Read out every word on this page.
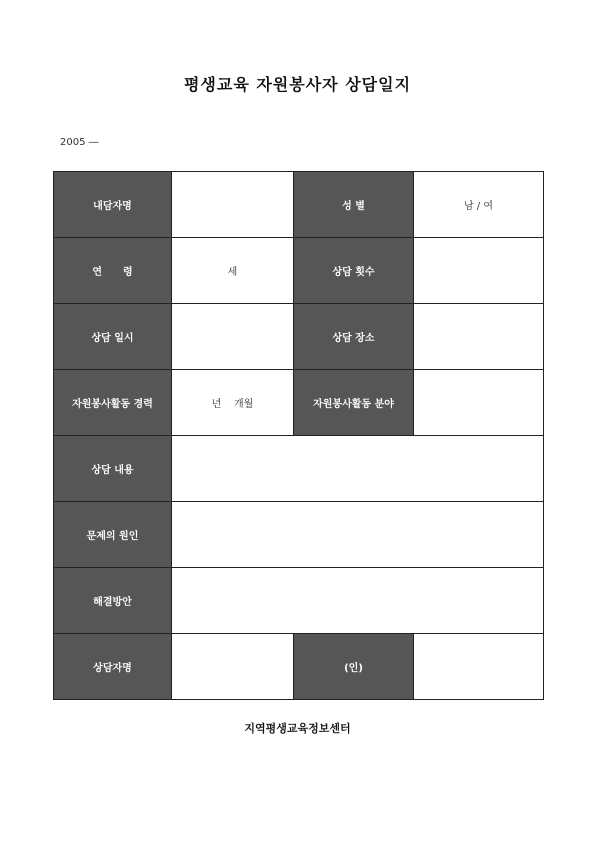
평생교육 자원봉사자 상담일지
2005 ―
내담자명		성 별	남 / 여
연      령	세	상담 횟수	
상담 일시		상담 장소	
자원봉사활동 경력	년    개월	자원봉사활동 분야	
상담 내용			
문제의 원인			
해결방안			
상담자명		(인)	
지역평생교육정보센터
